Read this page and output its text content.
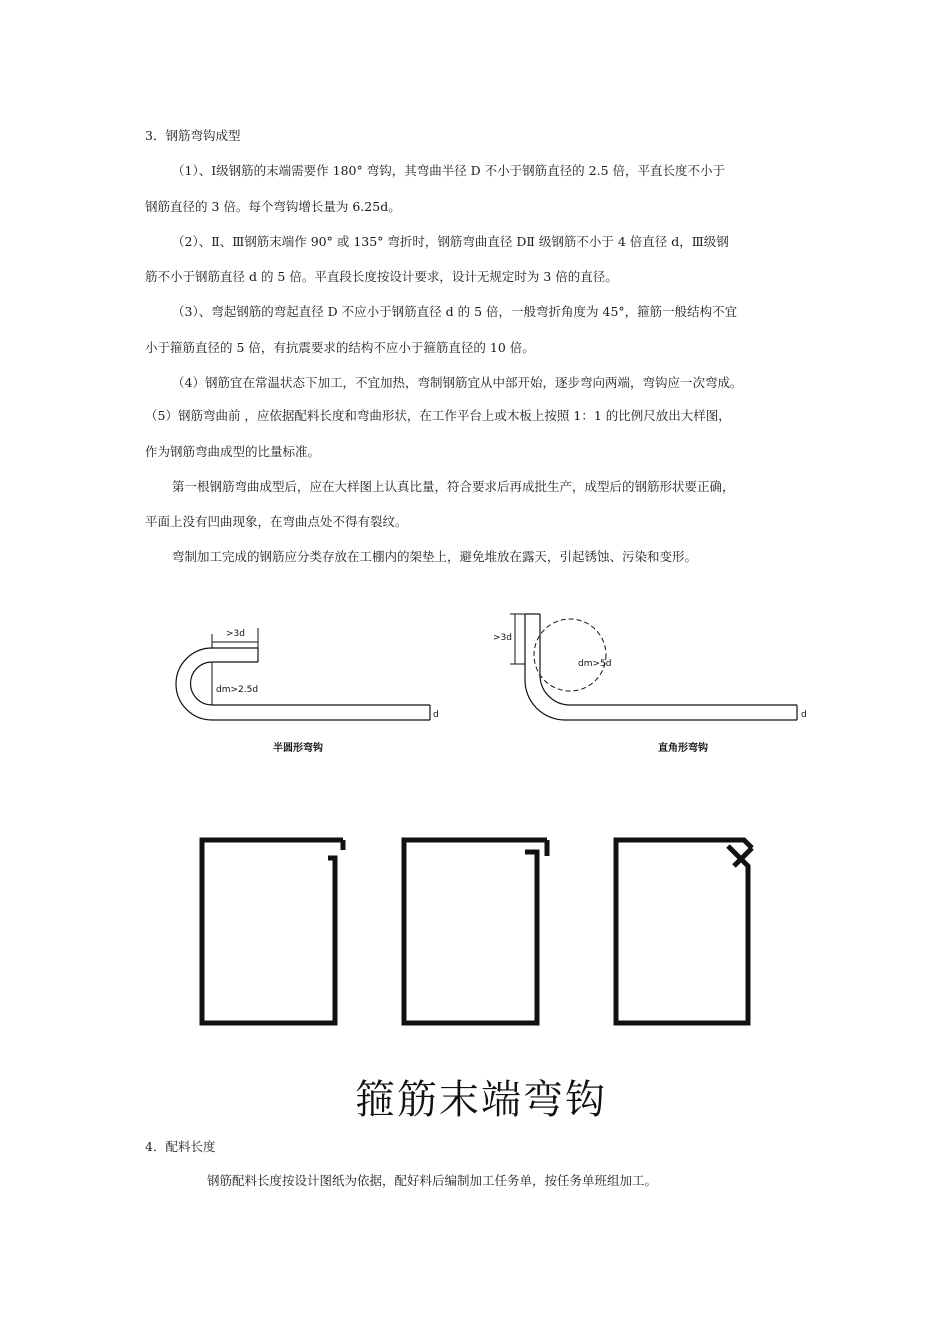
3．钢筋弯钩成型
（1）、Ⅰ级钢筋的末端需要作 180° 弯钩，其弯曲半径 D 不小于钢筋直径的 2.5 倍，平直长度不小于
钢筋直径的 3 倍。每个弯钩增长量为 6.25d。
（2）、Ⅱ、Ⅲ钢筋末端作 90° 或 135° 弯折时，钢筋弯曲直径 DⅡ 级钢筋不小于 4 倍直径 d，Ⅲ级钢
筋不小于钢筋直径 d 的 5 倍。平直段长度按设计要求，设计无规定时为 3 倍的直径。
（3）、弯起钢筋的弯起直径 D 不应小于钢筋直径 d 的 5 倍，一般弯折角度为 45°，箍筋一般结构不宜
小于箍筋直径的 5 倍，有抗震要求的结构不应小于箍筋直径的 10 倍。
（4）钢筋宜在常温状态下加工，不宜加热，弯制钢筋宜从中部开始，逐步弯向两端，弯钩应一次弯成。
（5）钢筋弯曲前 ，应依据配料长度和弯曲形状，在工作平台上或木板上按照 1：1 的比例尺放出大样图，
作为钢筋弯曲成型的比量标准。
第一根钢筋弯曲成型后，应在大样图上认真比量，符合要求后再成批生产，成型后的钢筋形状要正确，
平面上没有凹曲现象，在弯曲点处不得有裂纹。
弯制加工完成的钢筋应分类存放在工棚内的架垫上，避免堆放在露天，引起锈蚀、污染和变形。
>3d
dm>2.5d
d
半圆形弯钩
>3d
dm>5d
d
直角形弯钩
箍筋末端弯钩
4．配料长度
钢筋配料长度按设计图纸为依据，配好料后编制加工任务单，按任务单班组加工。
